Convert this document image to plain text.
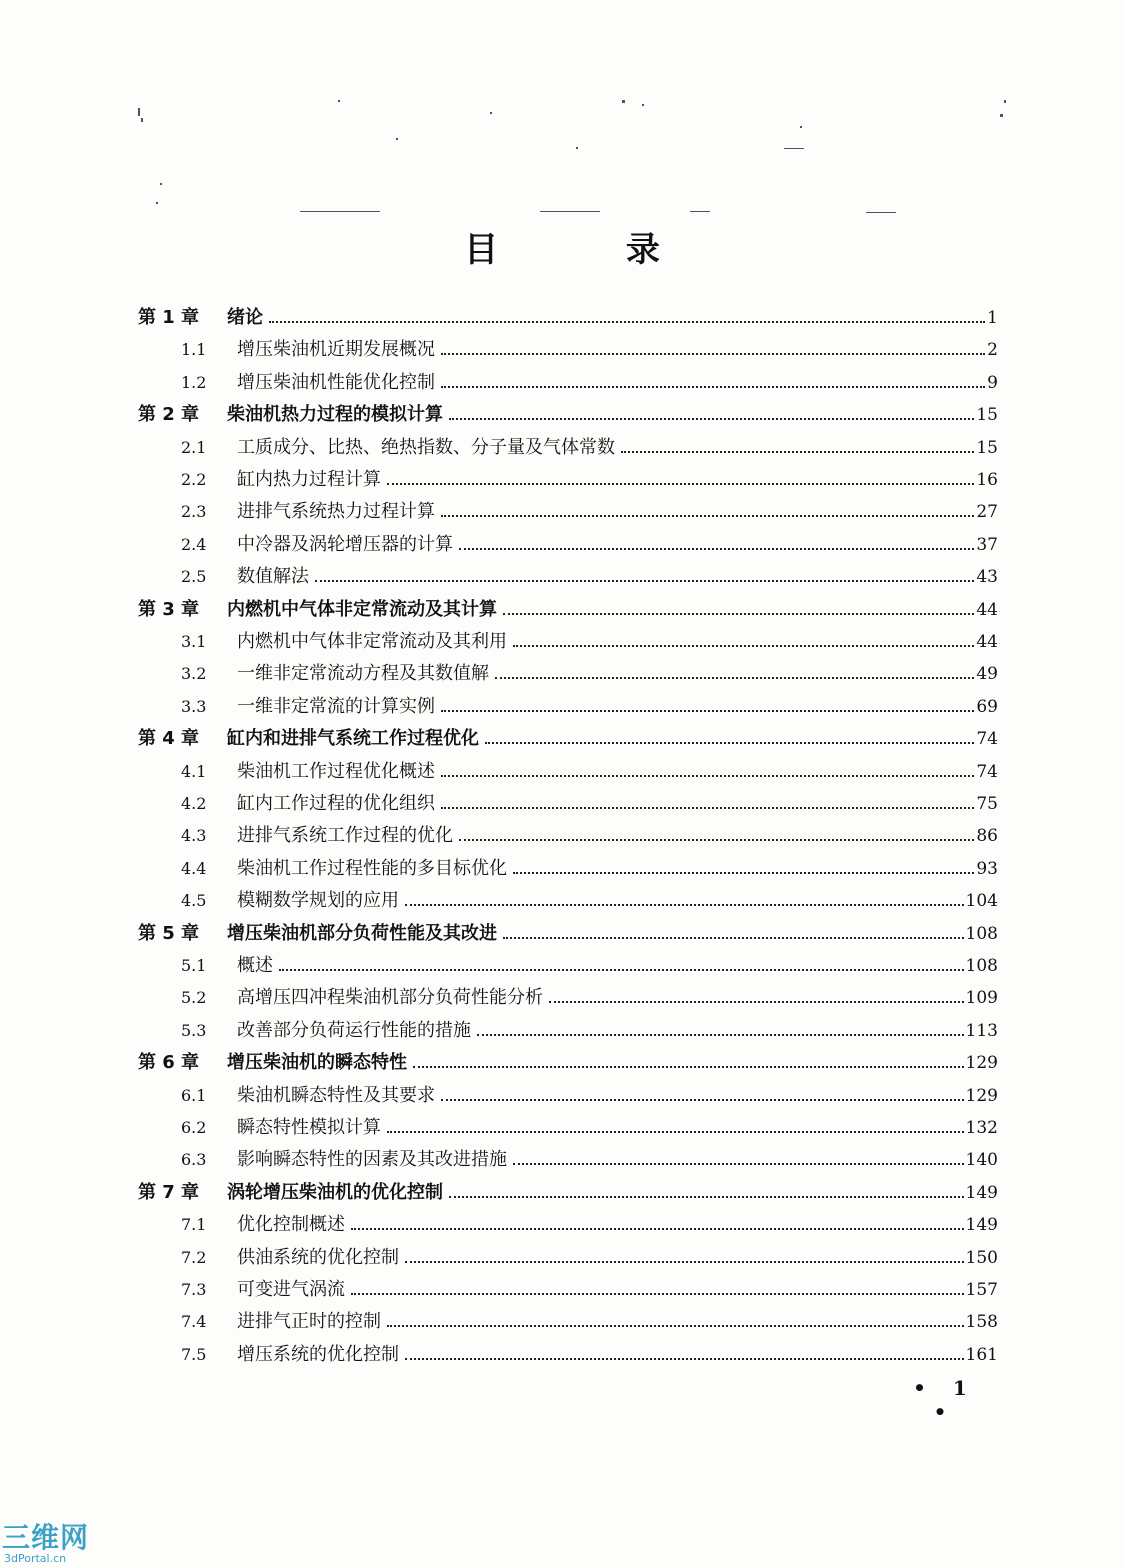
目 录
第 1 章	绪论	1
1.1	增压柴油机近期发展概况	2
1.2	增压柴油机性能优化控制	9
第 2 章	柴油机热力过程的模拟计算	15
2.1	工质成分、比热、绝热指数、分子量及气体常数	15
2.2	缸内热力过程计算	16
2.3	进排气系统热力过程计算	27
2.4	中冷器及涡轮增压器的计算	37
2.5	数值解法	43
第 3 章	内燃机中气体非定常流动及其计算	44
3.1	内燃机中气体非定常流动及其利用	44
3.2	一维非定常流动方程及其数值解	49
3.3	一维非定常流的计算实例	69
第 4 章	缸内和进排气系统工作过程优化	74
4.1	柴油机工作过程优化概述	74
4.2	缸内工作过程的优化组织	75
4.3	进排气系统工作过程的优化	86
4.4	柴油机工作过程性能的多目标优化	93
4.5	模糊数学规划的应用	104
第 5 章	增压柴油机部分负荷性能及其改进	108
5.1	概述	108
5.2	高增压四冲程柴油机部分负荷性能分析	109
5.3	改善部分负荷运行性能的措施	113
第 6 章	增压柴油机的瞬态特性	129
6.1	柴油机瞬态特性及其要求	129
6.2	瞬态特性模拟计算	132
6.3	影响瞬态特性的因素及其改进措施	140
第 7 章	涡轮增压柴油机的优化控制	149
7.1	优化控制概述	149
7.2	供油系统的优化控制	150
7.3	可变进气涡流	157
7.4	进排气正时的控制	158
7.5	增压系统的优化控制	161
• 1 •
三维网
3dPortal.cn
